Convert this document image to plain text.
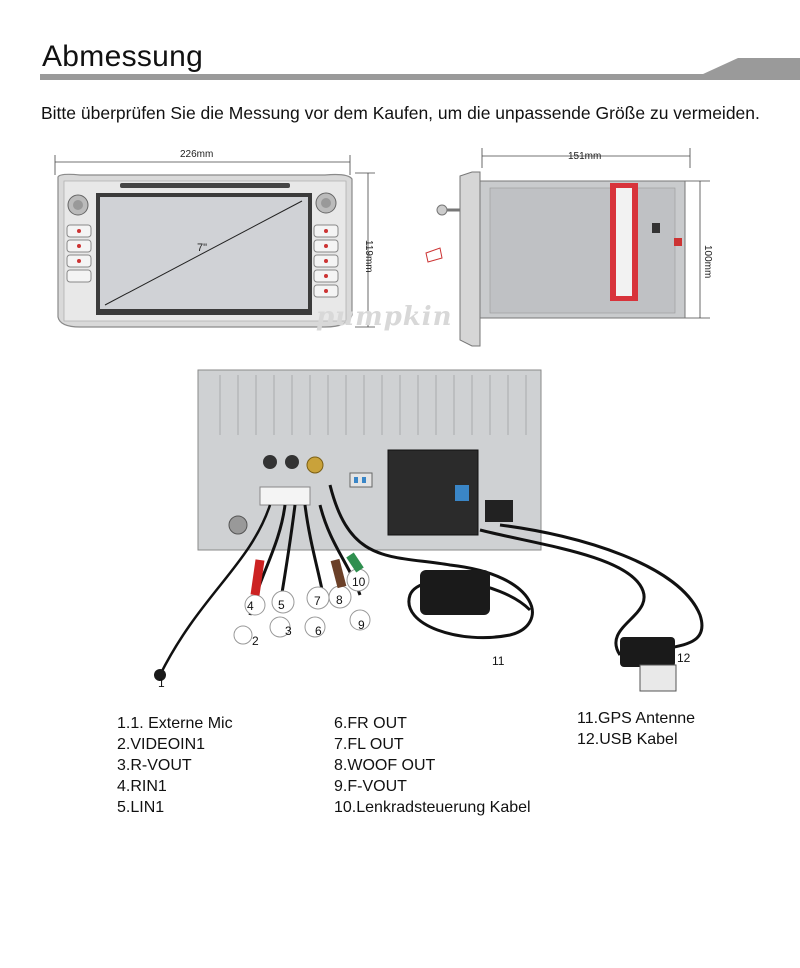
Abmessung
Bitte überprüfen Sie die Messung vor dem Kaufen, um die unpassende Größe zu vermeiden.
226mm
119mm
7"
pumpkin
151mm
100mm
1
2
3
4 5
6
7 8
9
10
11	12
1.1. Externe Mic
2.VIDEOIN1
3.R-VOUT
4.RIN1
5.LIN1
6.FR OUT
7.FL OUT
8.WOOF OUT
9.F-VOUT
10.Lenkradsteuerung Kabel
11.GPS Antenne
12.USB Kabel
